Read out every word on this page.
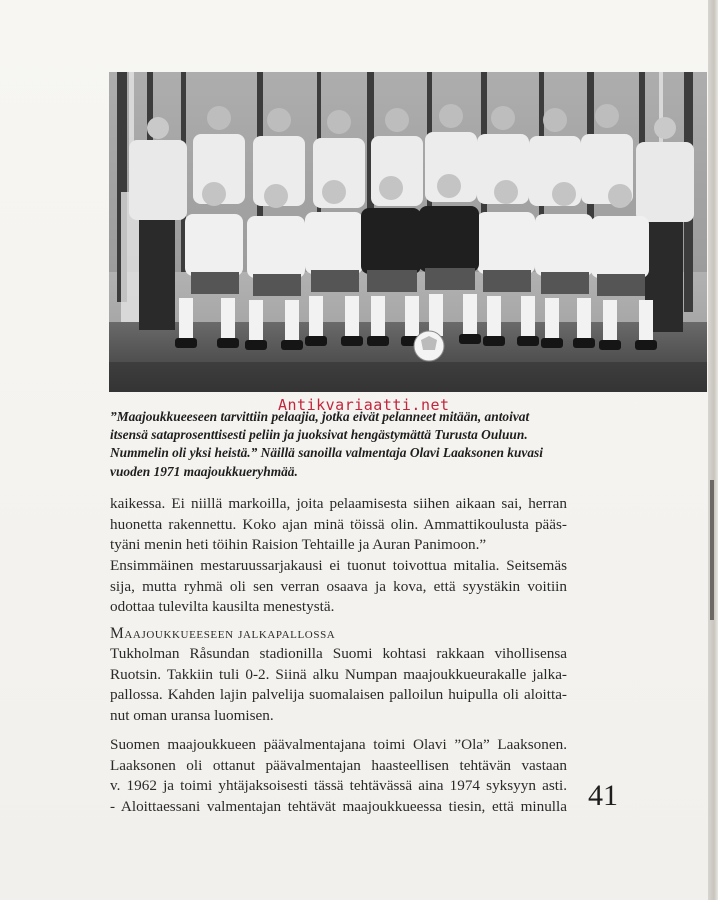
Antikvariaatti.net
”Maajoukkueeseen tarvittiin pelaajia, jotka eivät pelanneet mitään, antoivat
itsensä sataprosenttisesti peliin ja juoksivat hengästymättä Turusta Ouluun.
Nummelin oli yksi heistä.” Näillä sanoilla valmentaja Olavi Laaksonen kuvasi
vuoden 1971 maajoukkueryhmää.
kaikessa. Ei niillä markoilla, joita pelaamisesta siihen aikaan sai, herran
huonetta rakennettu. Koko ajan minä töissä olin. Ammattikoulusta pääs-
tyäni menin heti töihin Raision Tehtaille ja Auran Panimoon.”
Ensimmäinen mestaruussarjakausi ei tuonut toivottua mitalia. Seitsemäs
sija, mutta ryhmä oli sen verran osaava ja kova, että syystäkin voitiin
odottaa tulevilta kausilta menestystä.
Maajoukkueeseen jalkapallossa
Tukholman Råsundan stadionilla Suomi kohtasi rakkaan vihollisensa
Ruotsin. Takkiin tuli 0-2. Siinä alku Numpan maajoukkueurakalle jalka-
pallossa. Kahden lajin palvelija suomalaisen palloilun huipulla oli aloitta-
nut oman uransa luomisen.
Suomen maajoukkueen päävalmentajana toimi Olavi ”Ola” Laaksonen.
Laaksonen oli ottanut päävalmentajan haasteellisen tehtävän vastaan
v. 1962 ja toimi yhtäjaksoisesti tässä tehtävässä aina 1974 syksyyn asti.
- Aloittaessani valmentajan tehtävät maajoukkueessa tiesin, että minulla 41
